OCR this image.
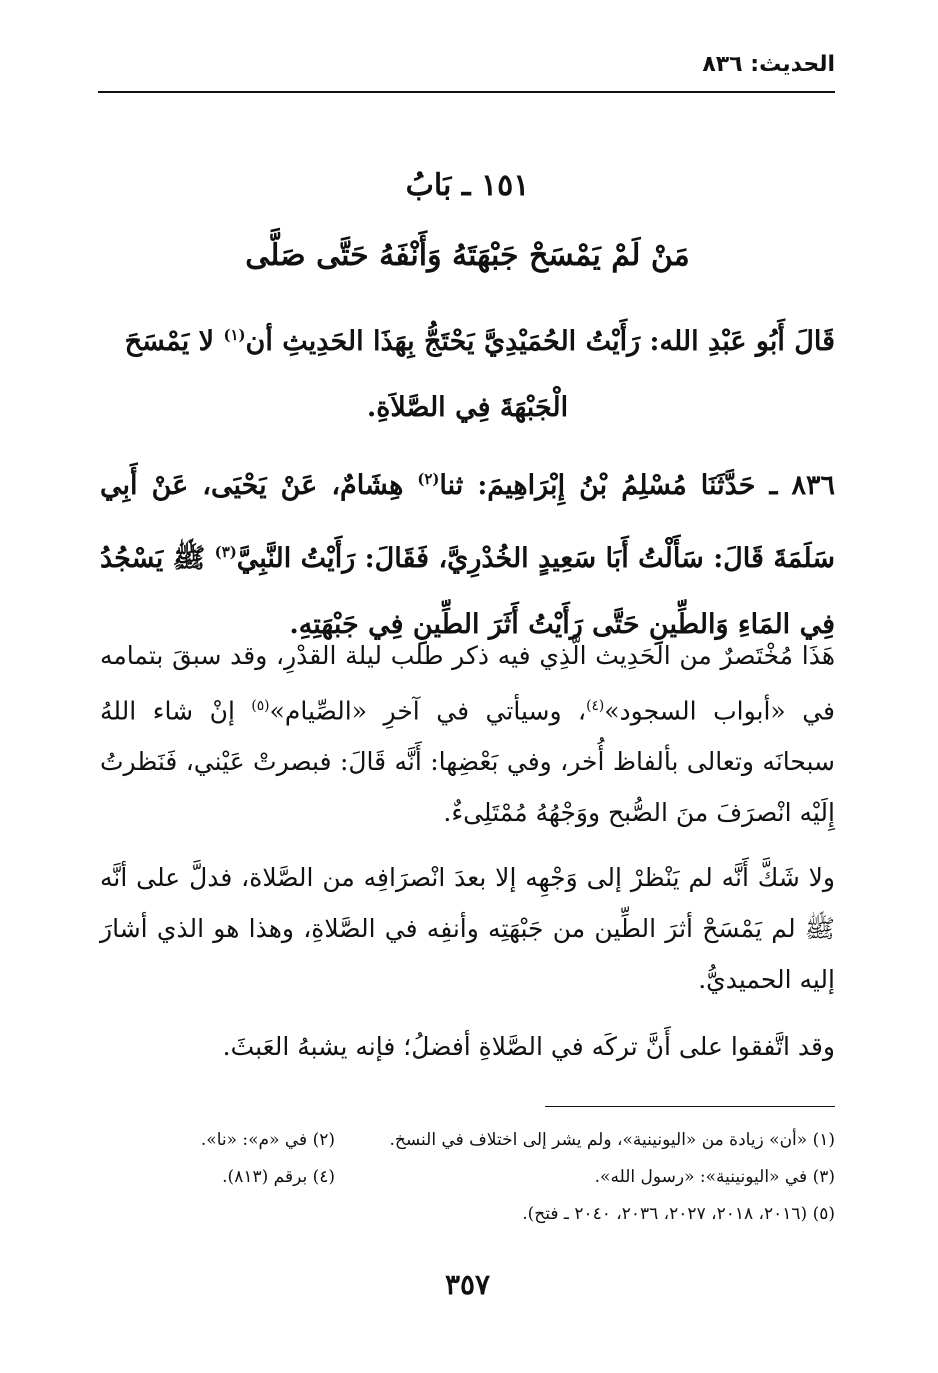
الحديث: ٨٣٦
١٥١ ـ بَابُ
مَنْ لَمْ يَمْسَحْ جَبْهَتَهُ وَأَنْفَهُ حَتَّى صَلَّى
قَالَ أَبُو عَبْدِ الله: رَأَيْتُ الحُمَيْدِيَّ يَحْتَجُّ بِهَذَا الحَدِيثِ أن$^{(١)}$ لا يَمْسَحَ
الْجَبْهَةَ فِي الصَّلاَةِ.
٨٣٦ ـ حَدَّثَنَا مُسْلِمُ بْنُ إِبْرَاهِيمَ: ثنا$^{(٢)}$ هِشَامٌ، عَنْ يَحْيَى، عَنْ أَبِي سَلَمَةَ قَالَ: سَأَلْتُ أَبَا سَعِيدٍ الخُدْرِيَّ، فَقَالَ: رَأَيْتُ النَّبِيَّ$^{(٣)}$ ﷺ يَسْجُدُ فِي المَاءِ وَالطِّينِ حَتَّى رَأَيْتُ أَثَرَ الطِّينِ فِي جَبْهَتِهِ.
هَذَا مُخْتَصرٌ من الحَدِيث الَّذِي فيه ذكر طلب ليلة القدْرِ، وقد سبقَ بتمامه في «أبواب السجود»$^{(٤)}$، وسيأتي في آخرِ «الصِّيام»$^{(٥)}$ إنْ شاء اللهُ سبحانَه وتعالى بألفاظ أُخر، وفي بَعْضِها: أَنَّه قَالَ: فبصرتْ عَيْني، فَنَظرتُ إِلَيْه انْصرَفَ منَ الصُّبح ووَجْهُهُ مُمْتَلِىءٌ.
ولا شَكَّ أَنَّه لم يَنْظرْ إلى وَجْهِه إلا بعدَ انْصرَافِه من الصَّلاة، فدلَّ على أنَّه ﷺ لم يَمْسَحْ أثرَ الطِّين من جَبْهَتِه وأنفِه في الصَّلاةِ، وهذا هو الذي أشارَ إليه الحميديُّ.
وقد اتَّفقوا على أَنَّ تركَه في الصَّلاةِ أفضلُ؛ فإنه يشبهُ العَبثَ.
(١) «أن» زيادة من «اليونينية»، ولم يشر إلى اختلاف في النسخ.
(٢) في «م»: «نا».
(٣) في «اليونينية»: «رسول الله».
(٤) برقم (٨١٣).
(٥) (٢٠١٦، ٢٠١٨، ٢٠٢٧، ٢٠٣٦، ٢٠٤٠ ـ فتح).
٣٥٧
